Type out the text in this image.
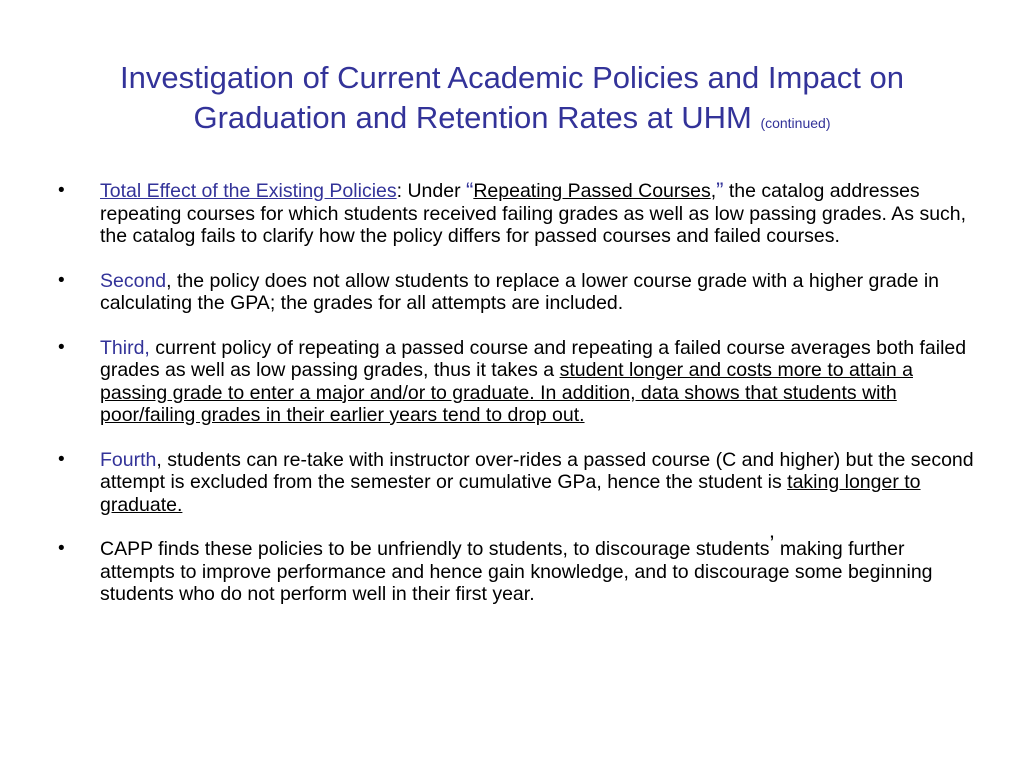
Investigation of Current Academic Policies and Impact on Graduation and Retention Rates at UHM (continued)
• Total Effect of the Existing Policies: Under “Repeating Passed Courses,” the catalog addresses repeating courses for which students received failing grades as well as low passing grades. As such, the catalog fails to clarify how the policy differs for passed courses and failed courses.
• Second, the policy does not allow students to replace a lower course grade with a higher grade in calculating the GPA; the grades for all attempts are included.
• Third, current policy of repeating a passed course and repeating a failed course averages both failed grades as well as low passing grades, thus it takes a student longer and costs more to attain a passing grade to enter a major and/or to graduate. In addition, data shows that students with poor/failing grades in their earlier years tend to drop out.
• Fourth, students can re-take with instructor over-rides a passed course (C and higher) but the second attempt is excluded from the semester or cumulative GPa, hence the student is taking longer to graduate.
• CAPP finds these policies to be unfriendly to students, to discourage students’ making further attempts to improve performance and hence gain knowledge, and to discourage some beginning students who do not perform well in their first year.
